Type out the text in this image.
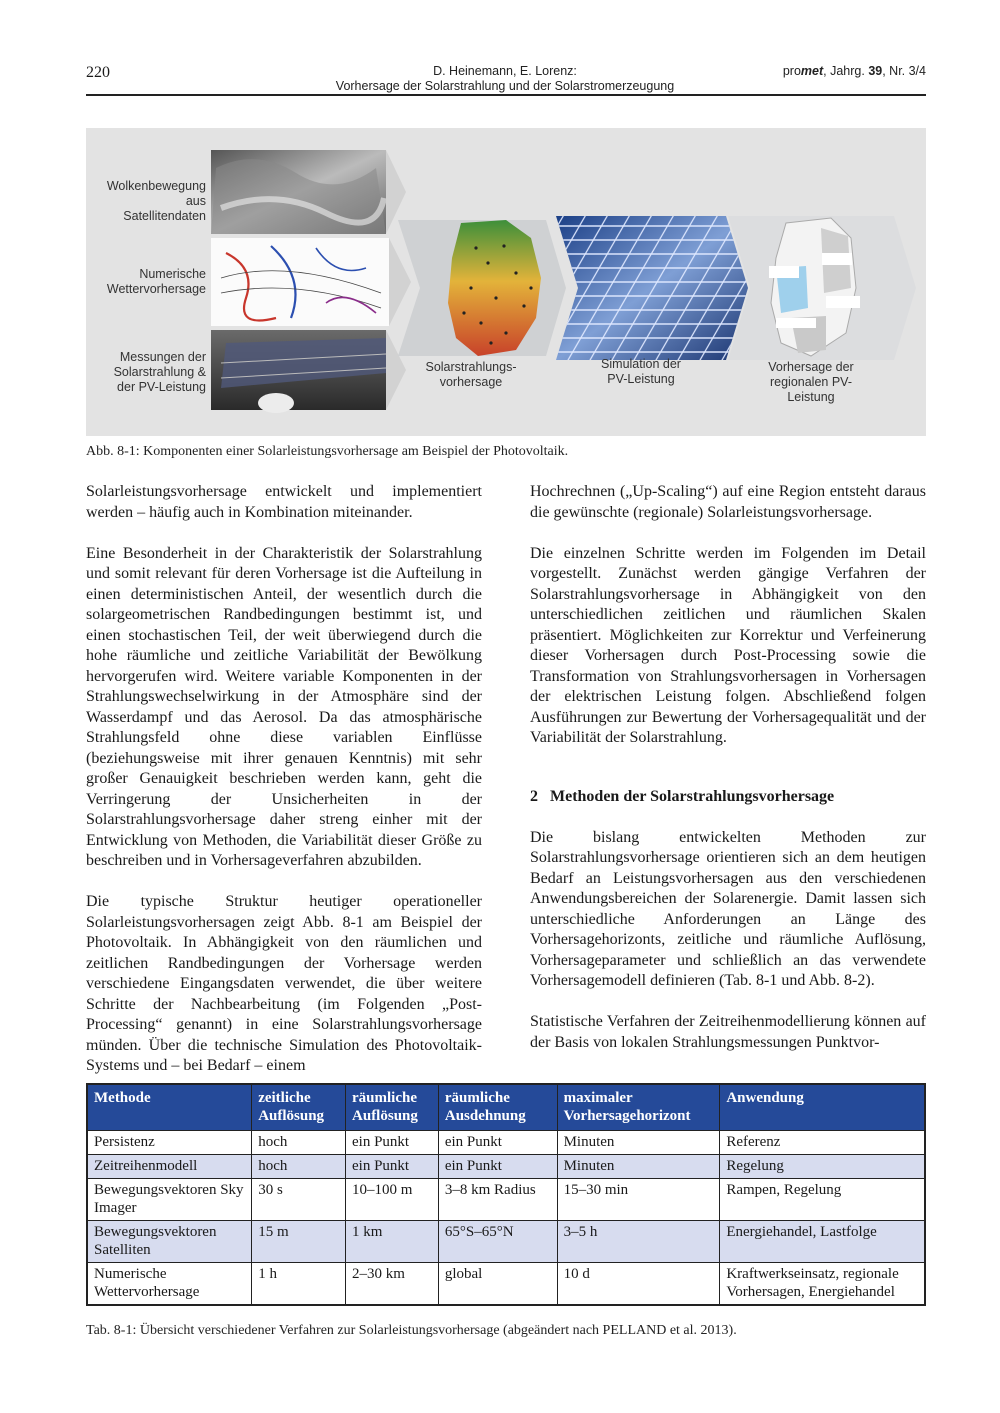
220	D. Heinemann, E. Lorenz:
Vorhersage der Solarstrahlung und der Solarstromerzeugung
promet, Jahrg. 39, Nr. 3/4
Wolkenbewegung
aus Satellitendaten
Numerische
Wettervorhersage
Messungen der
Solarstrahlung &
der PV-Leistung
Solarstrahlungs-
vorhersage
Simulation der
PV-Leistung
Vorhersage der
regionalen PV-
Leistung
Abb. 8-1: Komponenten einer Solarleistungsvorhersage am Beispiel der Photovoltaik.

Solarleistungsvorhersage entwickelt und implementiert werden – häufig auch in Kombination miteinander.

Eine Besonderheit in der Charakteristik der Solarstrahlung und somit relevant für deren Vorhersage ist die Aufteilung in einen deterministischen Anteil, der wesentlich durch die solargeometrischen Randbedingungen bestimmt ist, und einen stochastischen Teil, der weit überwiegend durch die hohe räumliche und zeitliche Variabilität der Bewölkung hervorgerufen wird. Weitere variable Komponenten in der Strahlungswechselwirkung in der Atmosphäre sind der Wasserdampf und das Aerosol. Da das atmosphärische Strahlungsfeld ohne diese variablen Einflüsse (beziehungsweise mit ihrer genauen Kenntnis) mit sehr großer Genauigkeit beschrieben werden kann, geht die Verringerung der Unsicherheiten in der Solarstrahlungsvorhersage daher streng einher mit der Entwicklung von Methoden, die Variabilität dieser Größe zu beschreiben und in Vorhersageverfahren abzubilden.

Die typische Struktur heutiger operationeller Solarleistungsvorhersagen zeigt Abb. 8-1 am Beispiel der Photovoltaik. In Abhängigkeit von den räumlichen und zeitlichen Randbedingungen der Vorhersage werden verschiedene Eingangsdaten verwendet, die über weitere Schritte der Nachbearbeitung (im Folgenden „Post-Processing“ genannt) in eine Solarstrahlungsvorhersage münden. Über die technische Simulation des Photovoltaik-Systems und – bei Bedarf – einem

Hochrechnen („Up-Scaling“) auf eine Region entsteht daraus die gewünschte (regionale) Solarleistungsvorhersage.

Die einzelnen Schritte werden im Folgenden im Detail vorgestellt. Zunächst werden gängige Verfahren der Solarstrahlungsvorhersage in Abhängigkeit von den unterschiedlichen zeitlichen und räumlichen Skalen präsentiert. Möglichkeiten zur Korrektur und Verfeinerung dieser Vorhersagen durch Post-Processing sowie die Transformation von Strahlungsvorhersagen in Vorhersagen der elektrischen Leistung folgen. Abschließend folgen Ausführungen zur Bewertung der Vorhersagequalität und der Variabilität der Solarstrahlung.

2   Methoden der Solarstrahlungsvorhersage

Die bislang entwickelten Methoden zur Solarstrahlungsvorhersage orientieren sich an dem heutigen Bedarf an Leistungsvorhersagen aus den verschiedenen Anwendungsbereichen der Solarenergie. Damit lassen sich unterschiedliche Anforderungen an Länge des Vorhersagehorizonts, zeitliche und räumliche Auflösung, Vorhersageparameter und schließlich an das verwendete Vorhersagemodell definieren (Tab. 8-1 und Abb. 8-2).

Statistische Verfahren der Zeitreihenmodellierung können auf der Basis von lokalen Strahlungsmessungen Punktvor-

Methode	zeitliche Auflösung	räumliche Auflösung	räumliche Ausdehnung	maximaler Vorhersagehorizont	Anwendung
Persistenz	hoch	ein Punkt	ein Punkt	Minuten	Referenz
Zeitreihenmodell	hoch	ein Punkt	ein Punkt	Minuten	Regelung
Bewegungsvektoren Sky Imager	30 s	10–100 m	3–8 km Radius	15–30 min	Rampen, Regelung
Bewegungsvektoren Satelliten	15 m	1 km	65°S–65°N	3–5 h	Energiehandel, Lastfolge
Numerische Wettervorhersage	1 h	2–30 km	global	10 d	Kraftwerkseinsatz, regionale Vorhersagen, Energiehandel
Tab. 8-1: Übersicht verschiedener Verfahren zur Solarleistungsvorhersage (abgeändert nach PELLAND et al. 2013).
